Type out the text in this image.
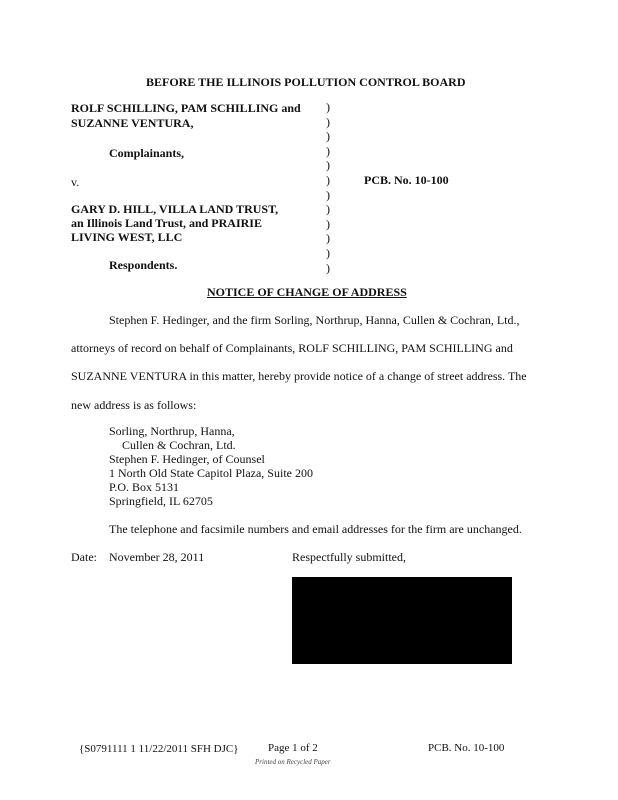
BEFORE THE ILLINOIS POLLUTION CONTROL BOARD
ROLF SCHILLING, PAM SCHILLING and
SUZANNE VENTURA,
Complainants,
v.	PCB. No. 10-100
GARY D. HILL, VILLA LAND TRUST,
an Illinois Land Trust, and PRAIRIE
LIVING WEST, LLC
Respondents.
)
)
)
)
)
)
)
)
)
)
)
)
NOTICE OF CHANGE OF ADDRESS
Stephen F. Hedinger, and the firm Sorling, Northrup, Hanna, Cullen & Cochran, Ltd.,
attorneys of record on behalf of Complainants, ROLF SCHILLING, PAM SCHILLING and
SUZANNE VENTURA in this matter, hereby provide notice of a change of street address. The
new address is as follows:
Sorling, Northrup, Hanna,
Cullen & Cochran, Ltd.
Stephen F. Hedinger, of Counsel
1 North Old State Capitol Plaza, Suite 200
P.O. Box 5131
Springfield, IL 62705
The telephone and facsimile numbers and email addresses for the firm are unchanged.
Date: November 28, 2011	Respectfully submitted,
{S0791111 1 11/22/2011 SFH DJC}	Page 1 of 2
Printed on Recycled Paper
PCB. No. 10-100
